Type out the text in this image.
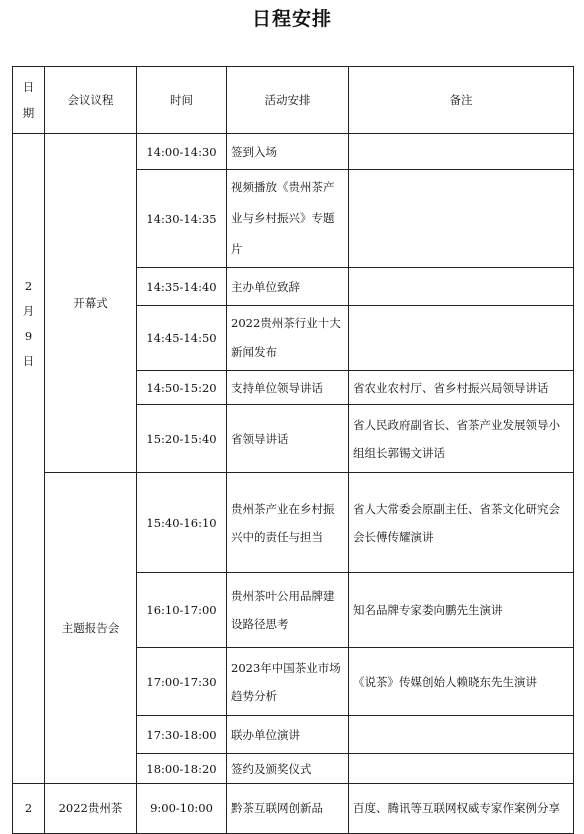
日程安排
日期	会议议程	时间	活动安排	备注
2月9日	开幕式	14:00-14:30	签到入场	
		14:30-14:35	视频播放《贵州茶产业与乡村振兴》专题片	
		14:35-14:40	主办单位致辞	
		14:45-14:50	2022贵州茶行业十大新闻发布	
		14:50-15:20	支持单位领导讲话	省农业农村厅、省乡村振兴局领导讲话
		15:20-15:40	省领导讲话	省人民政府副省长、省茶产业发展领导小组组长郭锡文讲话
	主题报告会	15:40-16:10	贵州茶产业在乡村振兴中的责任与担当	省人大常委会原副主任、省茶文化研究会会长傅传耀演讲
		16:10-17:00	贵州茶叶公用品牌建设路径思考	知名品牌专家娄向鹏先生演讲
		17:00-17:30	2023年中国茶业市场趋势分析	《说茶》传媒创始人赖晓东先生演讲
		17:30-18:00	联办单位演讲	
		18:00-18:20	签约及颁奖仪式	
2	2022贵州茶	9:00-10:00	黔茶互联网创新品	百度、腾讯等互联网权威专家作案例分享
